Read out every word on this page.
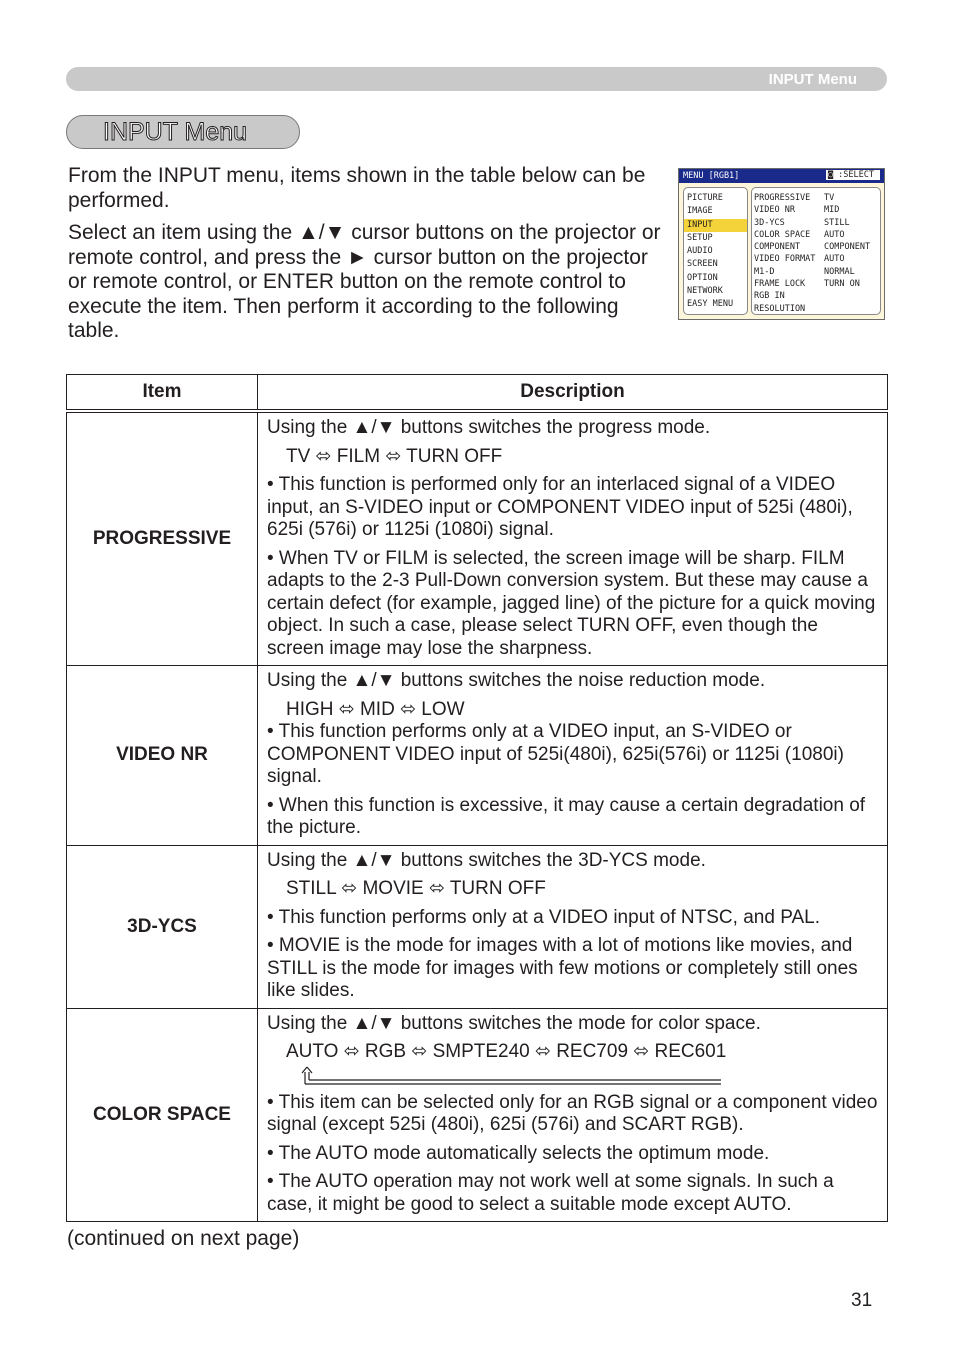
INPUT Menu
INPUT Menu

From the INPUT menu, items shown in the table below can be performed.

Select an item using the ▲/▼ cursor buttons on the projector or remote control, and press the ► cursor button on the projector or remote control, or ENTER button on the remote control to execute the item. Then perform it according to the following table.

MENU [RGB1]	◙ :SELECT
PICTURE
IMAGE
INPUT
SETUP
AUDIO
SCREEN
OPTION
NETWORK
EASY MENU
PROGRESSIVE	TV
VIDEO NR	MID
3D-YCS	STILL
COLOR SPACE	AUTO
COMPONENT	COMPONENT
VIDEO FORMAT	AUTO
M1-D	NORMAL
FRAME LOCK	TURN ON
RGB IN
RESOLUTION
Item	Description
PROGRESSIVE	Using the ▲/▼ buttons switches the progress mode.

TV ⬄ FILM ⬄ TURN OFF

• This function is performed only for an interlaced signal of a VIDEO input, an S-VIDEO input or COMPONENT VIDEO input of 525i (480i), 625i (576i) or 1125i (1080i) signal.

• When TV or FILM is selected, the screen image will be sharp. FILM adapts to the 2-3 Pull-Down conversion system. But these may cause a certain defect (for example, jagged line) of the picture for a quick moving object. In such a case, please select TURN OFF, even though the screen image may lose the sharpness.

VIDEO NR	Using the ▲/▼ buttons switches the noise reduction mode.

HIGH ⬄ MID ⬄ LOW

• This function performs only at a VIDEO input, an S-VIDEO or COMPONENT VIDEO input of 525i(480i), 625i(576i) or 1125i (1080i) signal.

• When this function is excessive, it may cause a certain degradation of the picture.

3D-YCS	Using the ▲/▼ buttons switches the 3D-YCS mode.

STILL ⬄ MOVIE ⬄ TURN OFF

• This function performs only at a VIDEO input of NTSC, and PAL.

• MOVIE is the mode for images with a lot of motions like movies, and STILL is the mode for images with few motions or completely still ones like slides.

COLOR SPACE	Using the ▲/▼ buttons switches the mode for color space.

AUTO ⬄ RGB ⬄ SMPTE240 ⬄ REC709 ⬄ REC601

• This item can be selected only for an RGB signal or a component video signal (except 525i (480i), 625i (576i) and SCART RGB).

• The AUTO mode automatically selects the optimum mode.

• The AUTO operation may not work well at some signals. In such a case, it might be good to select a suitable mode except AUTO.

(continued on next page)
31
